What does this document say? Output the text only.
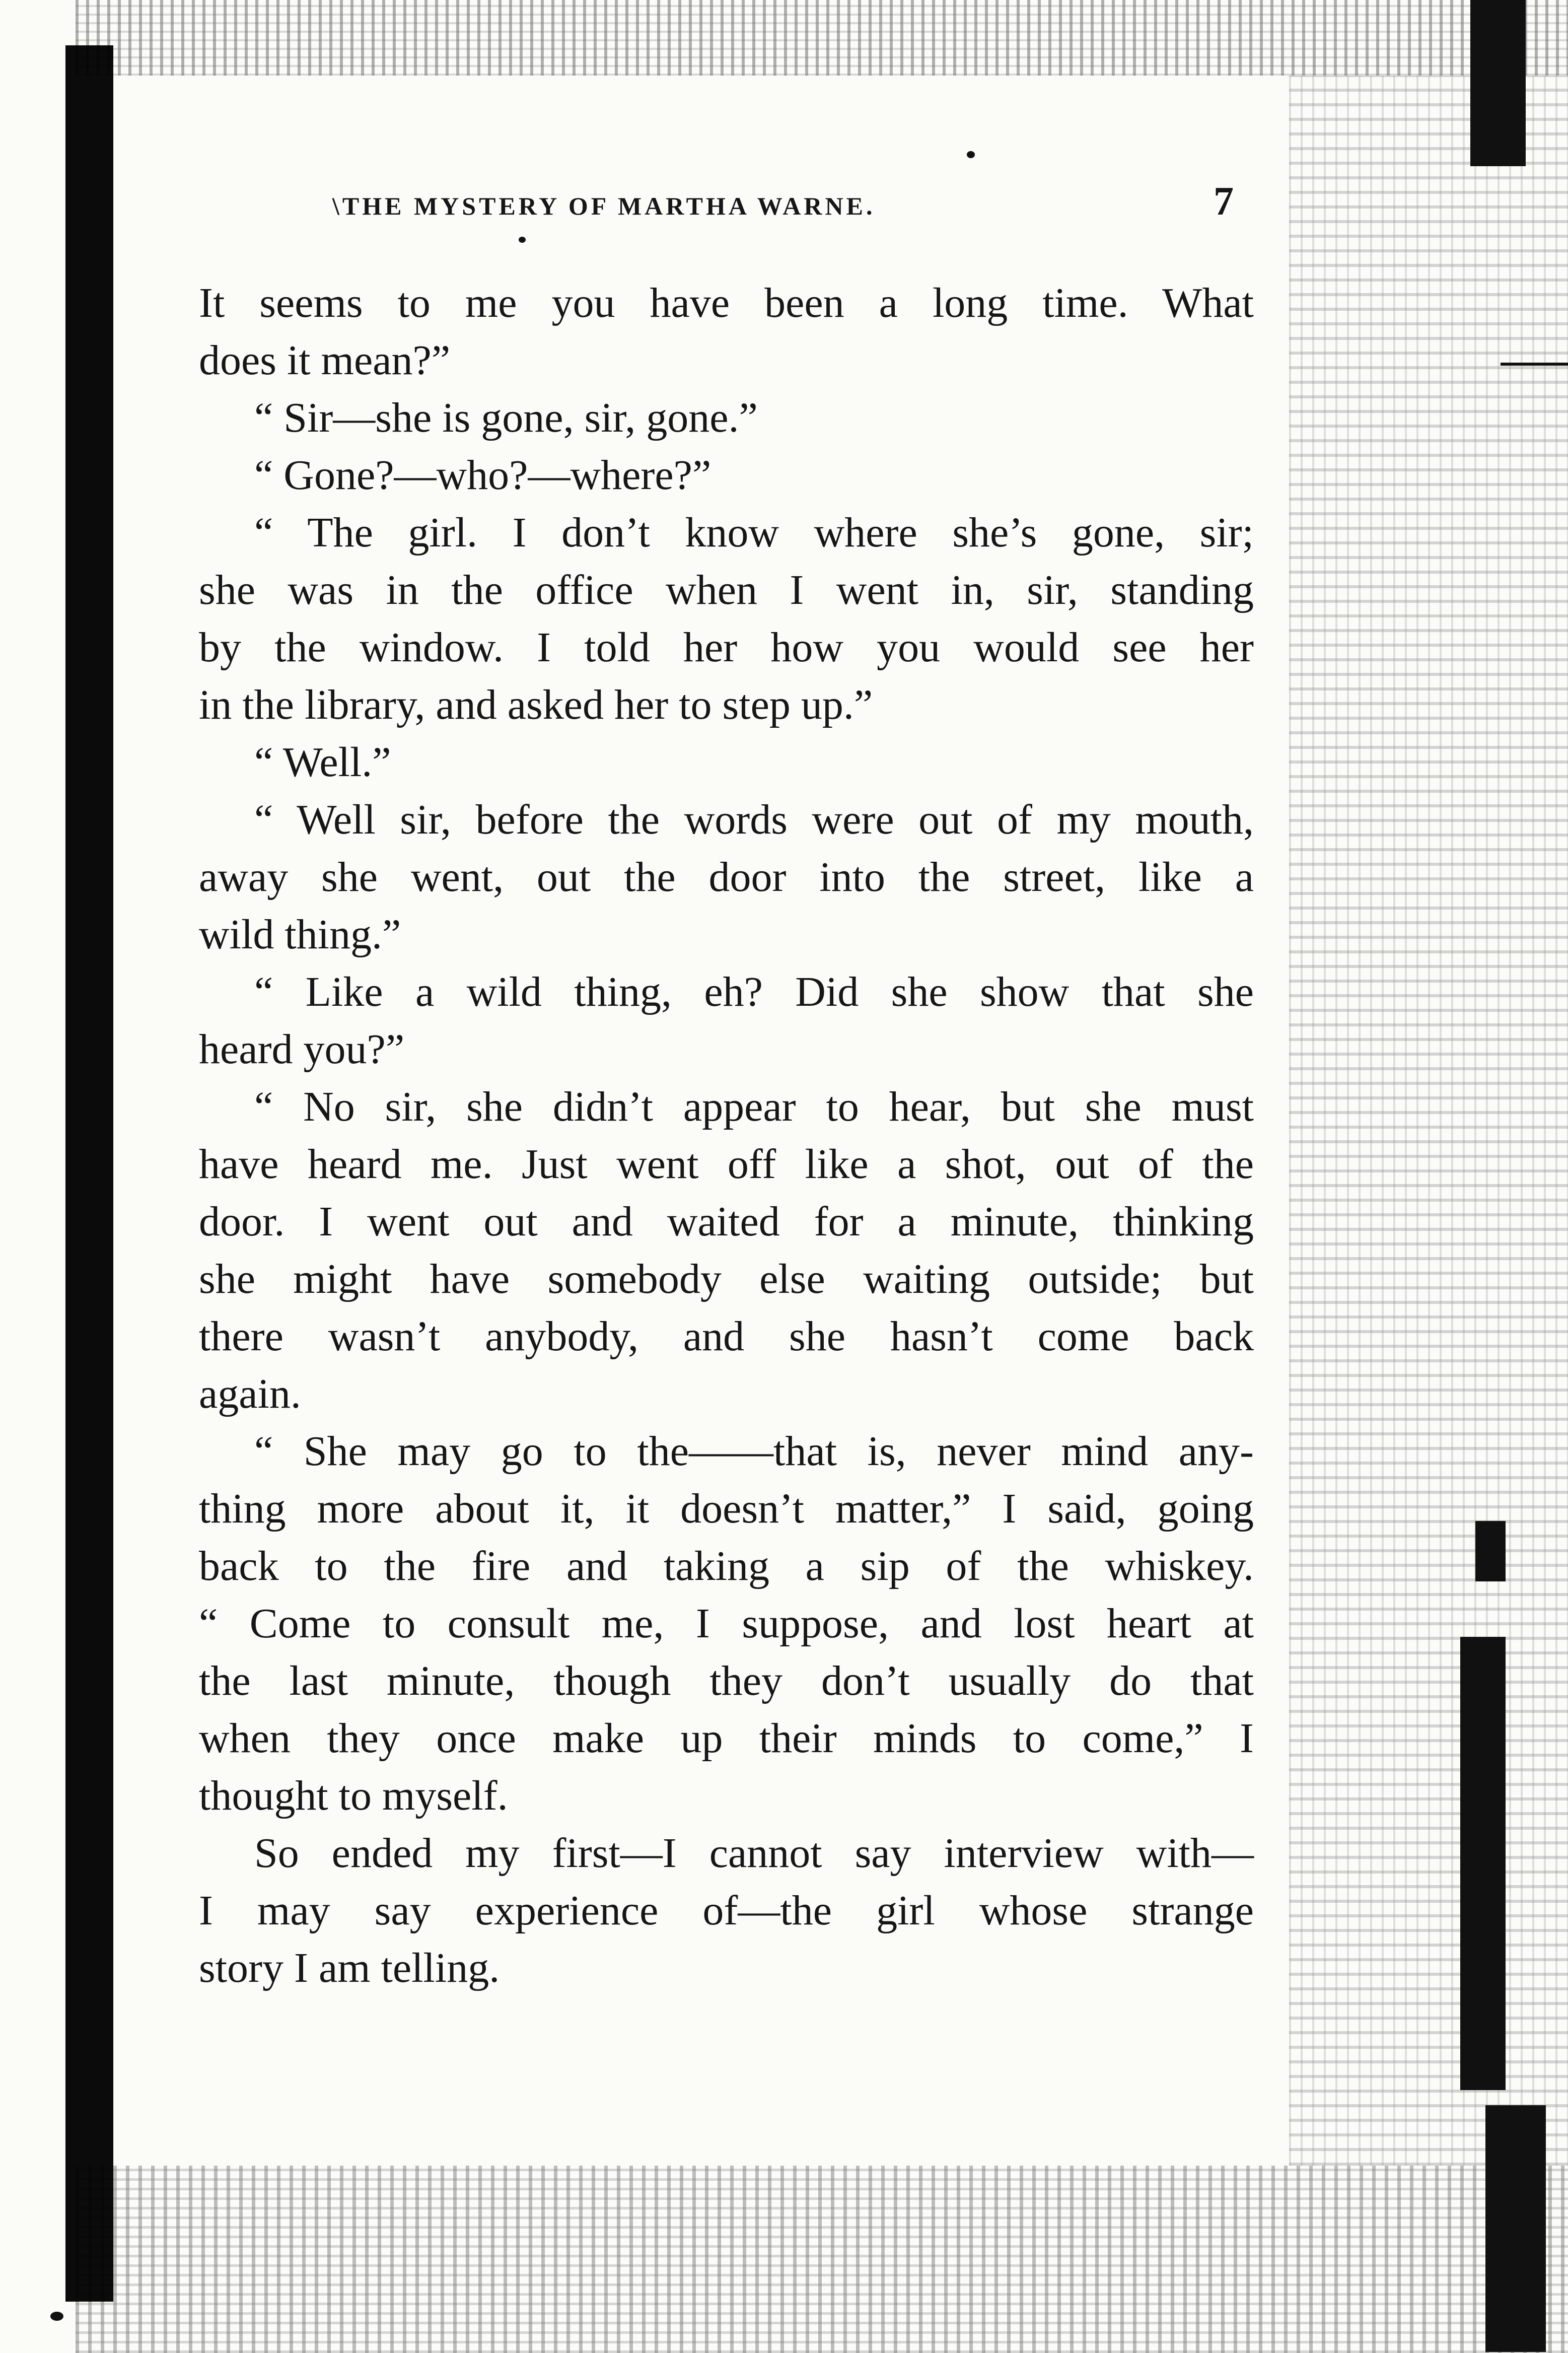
\THE MYSTERY OF MARTHA WARNE.	7
It seems to me you have been a long time. What
does it mean?”
“ Sir—she is gone, sir, gone.”
“ Gone?—who?—where?”
“ The girl. I don’t know where she’s gone, sir;
she was in the office when I went in, sir, standing
by the window. I told her how you would see her
in the library, and asked her to step up.”
“ Well.”
“ Well sir, before the words were out of my mouth,
away she went, out the door into the street, like a
wild thing.”
“ Like a wild thing, eh? Did she show that she
heard you?”
“ No sir, she didn’t appear to hear, but she must
have heard me. Just went off like a shot, out of the
door. I went out and waited for a minute, thinking
she might have somebody else waiting outside; but
there wasn’t anybody, and she hasn’t come back
again.
“ She may go to the——that is, never mind any-
thing more about it, it doesn’t matter,” I said, going
back to the fire and taking a sip of the whiskey.
“ Come to consult me, I suppose, and lost heart at
the last minute, though they don’t usually do that
when they once make up their minds to come,” I
thought to myself.
So ended my first—I cannot say interview with—
I may say experience of—the girl whose strange
story I am telling.
